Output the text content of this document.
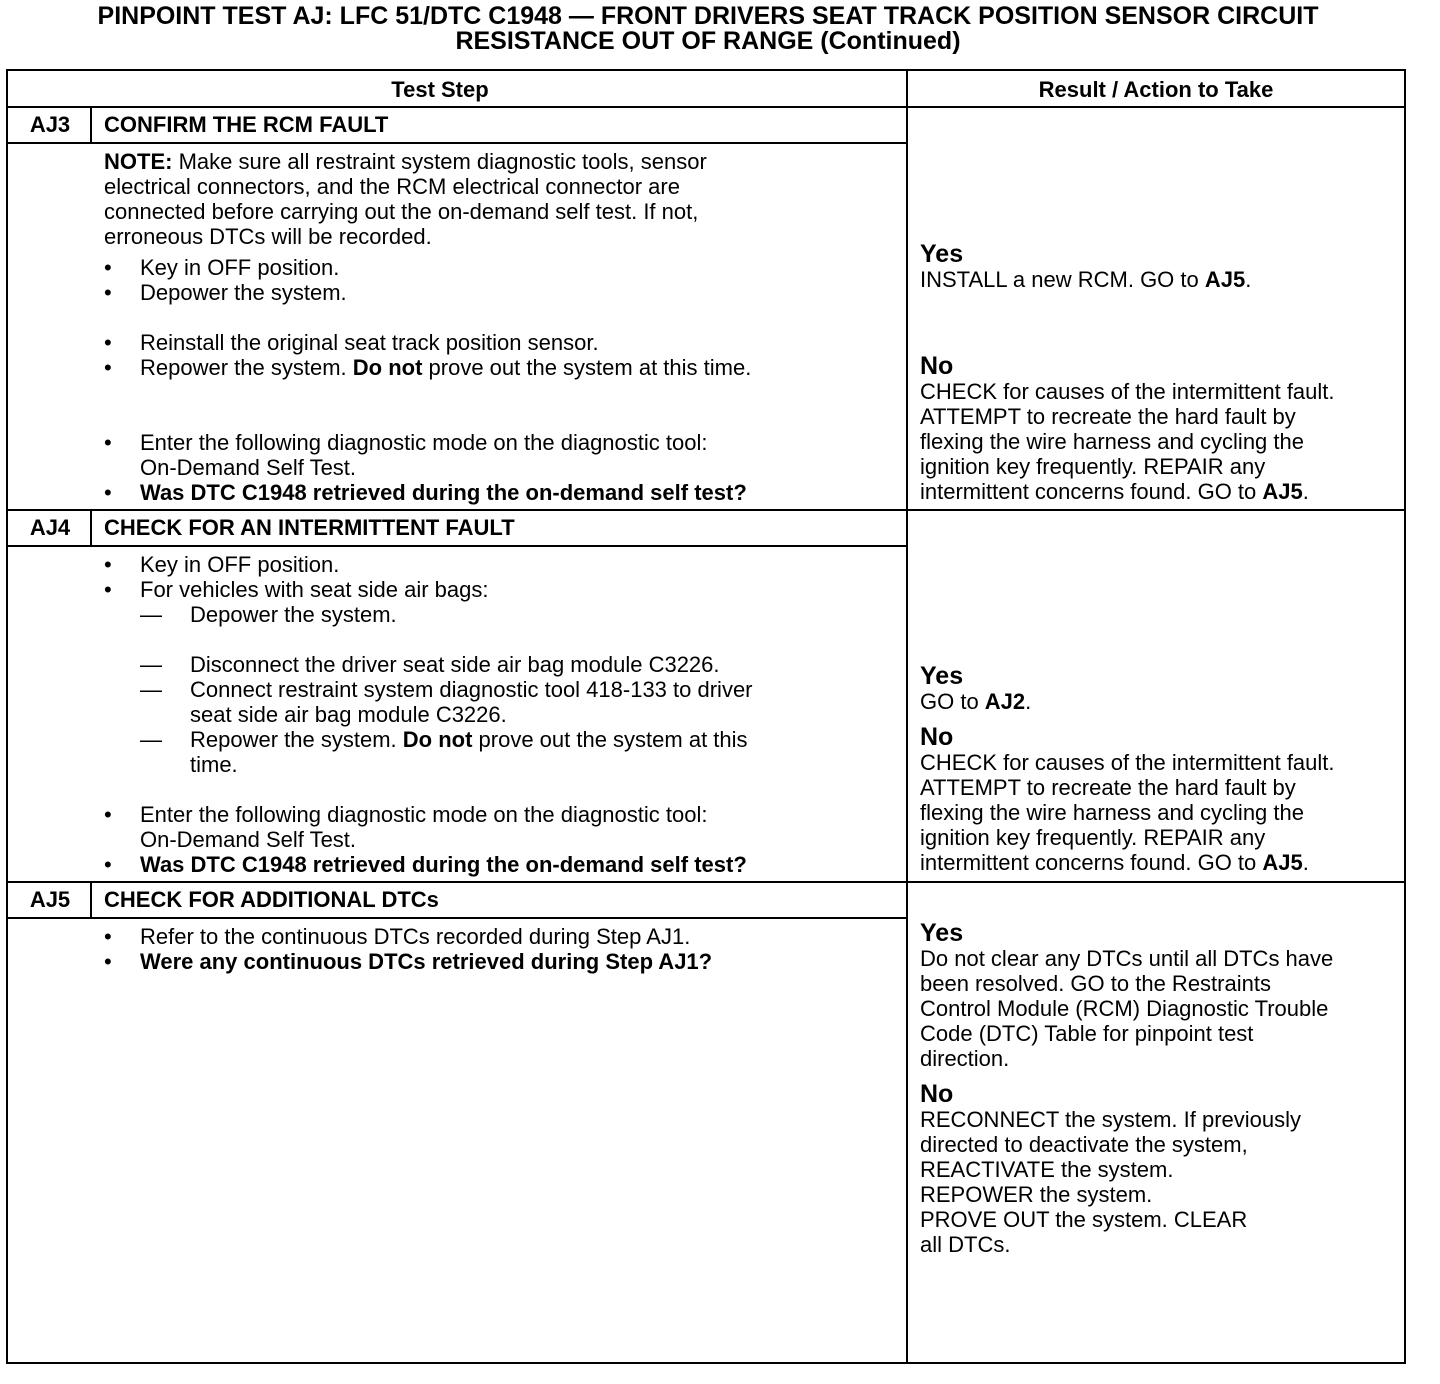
PINPOINT TEST AJ: LFC 51/DTC C1948 — FRONT DRIVERS SEAT TRACK POSITION SENSOR CIRCUIT
RESISTANCE OUT OF RANGE (Continued)
Test Step	Result / Action to Take
AJ3	CONFIRM THE RCM FAULT
NOTE: Make sure all restraint system diagnostic tools, sensor
electrical connectors, and the RCM electrical connector are
connected before carrying out the on-demand self test. If not,
erroneous DTCs will be recorded.
• Key in OFF position.
• Depower the system.
• Reinstall the original seat track position sensor.
• Repower the system. Do not prove out the system at this time.
• Enter the following diagnostic mode on the diagnostic tool:
On-Demand Self Test.
• Was DTC C1948 retrieved during the on-demand self test?
Yes
INSTALL a new RCM. GO to AJ5.
No
CHECK for causes of the intermittent fault.
ATTEMPT to recreate the hard fault by
flexing the wire harness and cycling the
ignition key frequently. REPAIR any
intermittent concerns found. GO to AJ5.
AJ4	CHECK FOR AN INTERMITTENT FAULT
• Key in OFF position.
• For vehicles with seat side air bags:
— Depower the system.
— Disconnect the driver seat side air bag module C3226.
— Connect restraint system diagnostic tool 418-133 to driver
seat side air bag module C3226.
— Repower the system. Do not prove out the system at this
time.
• Enter the following diagnostic mode on the diagnostic tool:
On-Demand Self Test.
• Was DTC C1948 retrieved during the on-demand self test?
Yes
GO to AJ2.
No
CHECK for causes of the intermittent fault.
ATTEMPT to recreate the hard fault by
flexing the wire harness and cycling the
ignition key frequently. REPAIR any
intermittent concerns found. GO to AJ5.
AJ5	CHECK FOR ADDITIONAL DTCs
• Refer to the continuous DTCs recorded during Step AJ1.
• Were any continuous DTCs retrieved during Step AJ1?
Yes
Do not clear any DTCs until all DTCs have
been resolved. GO to the Restraints
Control Module (RCM) Diagnostic Trouble
Code (DTC) Table for pinpoint test
direction.
No
RECONNECT the system. If previously
directed to deactivate the system,
REACTIVATE the system.
REPOWER the system.
PROVE OUT the system. CLEAR
all DTCs.
